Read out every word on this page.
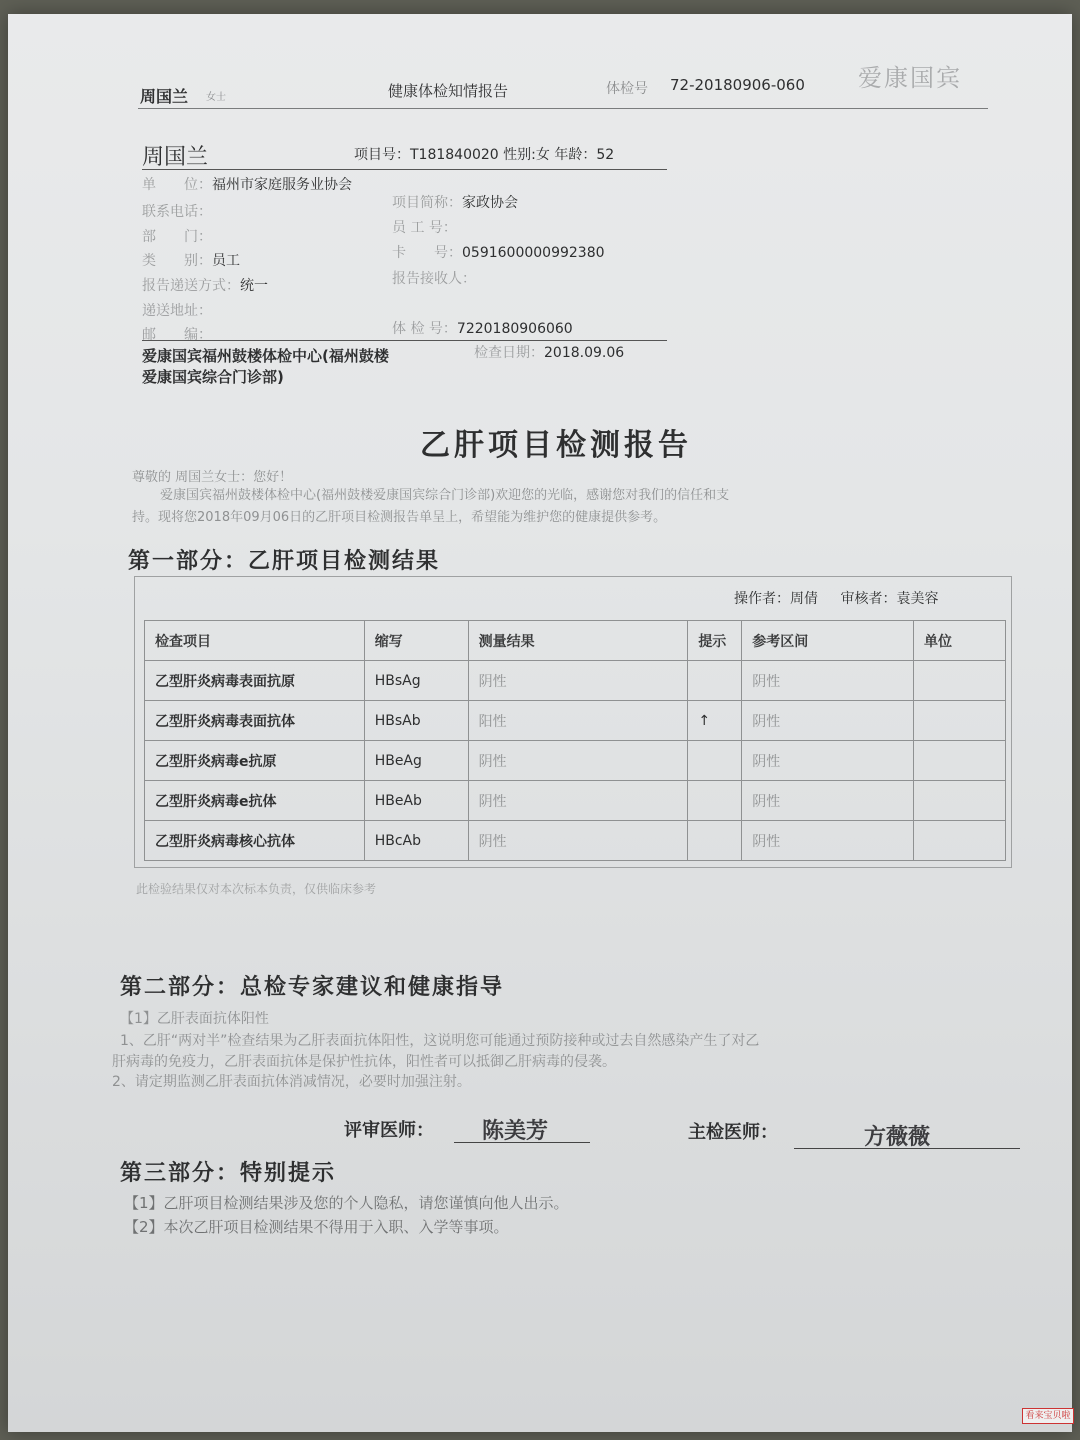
周国兰 女士	健康体检知情报告	体检号 72-20180906-060 爱康国宾
周国兰	项目号：T181840020 性别:女 年龄：52
单　　位：福州市家庭服务业协会
联系电话：
部　　门：
类　　别：员工
报告递送方式：统一
递送地址：
邮　　编：
项目简称：家政协会
员 工 号：
卡　　号：0591600000992380
报告接收人：
体 检 号：7220180906060
检查日期：2018.09.06
爱康国宾福州鼓楼体检中心(福州鼓楼爱康国宾综合门诊部)
乙肝项目检测报告
尊敬的 周国兰女士：您好！
爱康国宾福州鼓楼体检中心(福州鼓楼爱康国宾综合门诊部)欢迎您的光临，感谢您对我们的信任和支
持。现将您2018年09月06日的乙肝项目检测报告单呈上，希望能为维护您的健康提供参考。
第一部分：乙肝项目检测结果
操作者：周倩 审核者：袁美容
检查项目	缩写	测量结果	提示	参考区间	单位
乙型肝炎病毒表面抗原	HBsAg	阴性		阴性	
乙型肝炎病毒表面抗体	HBsAb	阳性	↑	阴性	
乙型肝炎病毒e抗原	HBeAg	阴性		阴性	
乙型肝炎病毒e抗体	HBeAb	阴性		阴性	
乙型肝炎病毒核心抗体	HBcAb	阴性		阴性	
此检验结果仅对本次标本负责，仅供临床参考
第二部分：总检专家建议和健康指导
【1】乙肝表面抗体阳性
1、乙肝“两对半”检查结果为乙肝表面抗体阳性，这说明您可能通过预防接种或过去自然感染产生了对乙
肝病毒的免疫力，乙肝表面抗体是保护性抗体，阳性者可以抵御乙肝病毒的侵袭。
2、请定期监测乙肝表面抗体消减情况，必要时加强注射。
评审医师： 陈美芳	主检医师：	方薇薇
第三部分：特别提示
【1】乙肝项目检测结果涉及您的个人隐私，请您谨慎向他人出示。
【2】本次乙肝项目检测结果不得用于入职、入学等事项。
看来宝贝啦
